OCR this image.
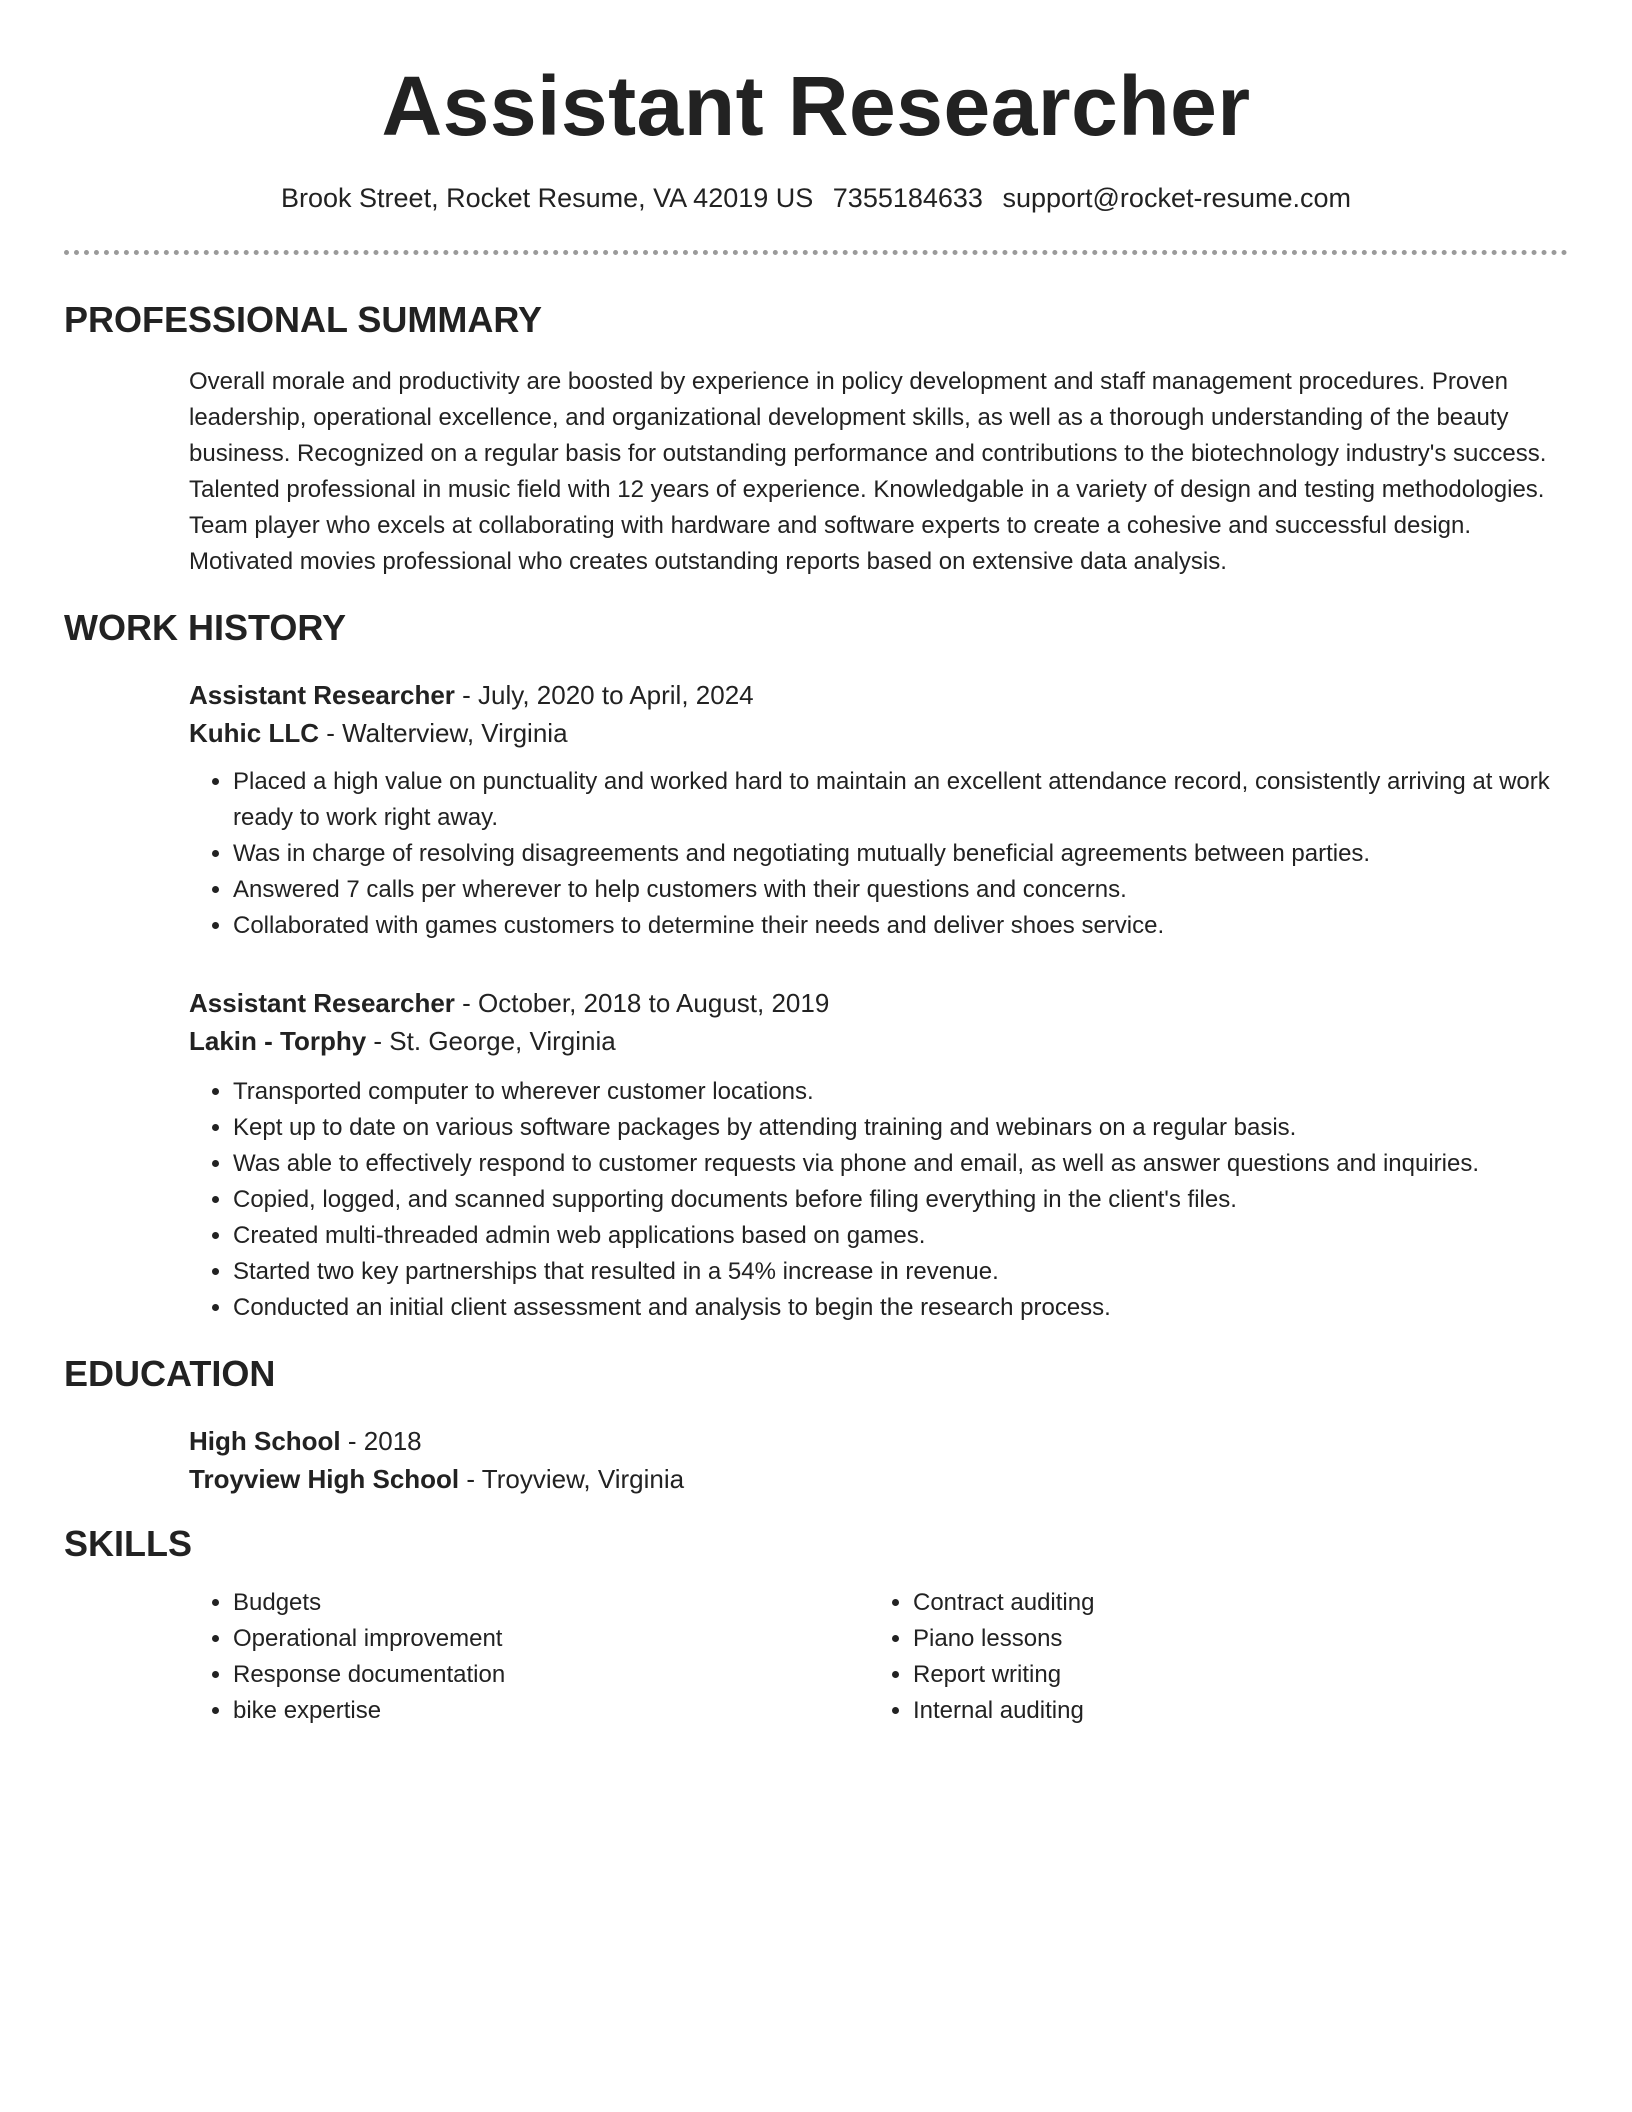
Assistant Researcher
Brook Street, Rocket Resume, VA 42019 US 7355184633 support@rocket-resume.com
PROFESSIONAL SUMMARY

Overall morale and productivity are boosted by experience in policy development and staff management procedures. Proven leadership, operational excellence, and organizational development skills, as well as a thorough understanding of the beauty business. Recognized on a regular basis for outstanding performance and contributions to the biotechnology industry's success. Talented professional in music field with 12 years of experience. Knowledgable in a variety of design and testing methodologies. Team player who excels at collaborating with hardware and software experts to create a cohesive and successful design. Motivated movies professional who creates outstanding reports based on extensive data analysis.

WORK HISTORY

Assistant Researcher - July, 2020 to April, 2024

Kuhic LLC - Walterview, Virginia

• Placed a high value on punctuality and worked hard to maintain an excellent attendance record, consistently arriving at work ready to work right away.
• Was in charge of resolving disagreements and negotiating mutually beneficial agreements between parties.
• Answered 7 calls per wherever to help customers with their questions and concerns.
• Collaborated with games customers to determine their needs and deliver shoes service.

Assistant Researcher - October, 2018 to August, 2019

Lakin - Torphy - St. George, Virginia

• Transported computer to wherever customer locations.
• Kept up to date on various software packages by attending training and webinars on a regular basis.
• Was able to effectively respond to customer requests via phone and email, as well as answer questions and inquiries.
• Copied, logged, and scanned supporting documents before filing everything in the client's files.
• Created multi-threaded admin web applications based on games.
• Started two key partnerships that resulted in a 54% increase in revenue.
• Conducted an initial client assessment and analysis to begin the research process.
EDUCATION

High School - 2018

Troyview High School - Troyview, Virginia

SKILLS
• Budgets
• Operational improvement
• Response documentation
• bike expertise
• Contract auditing
• Piano lessons
• Report writing
• Internal auditing
